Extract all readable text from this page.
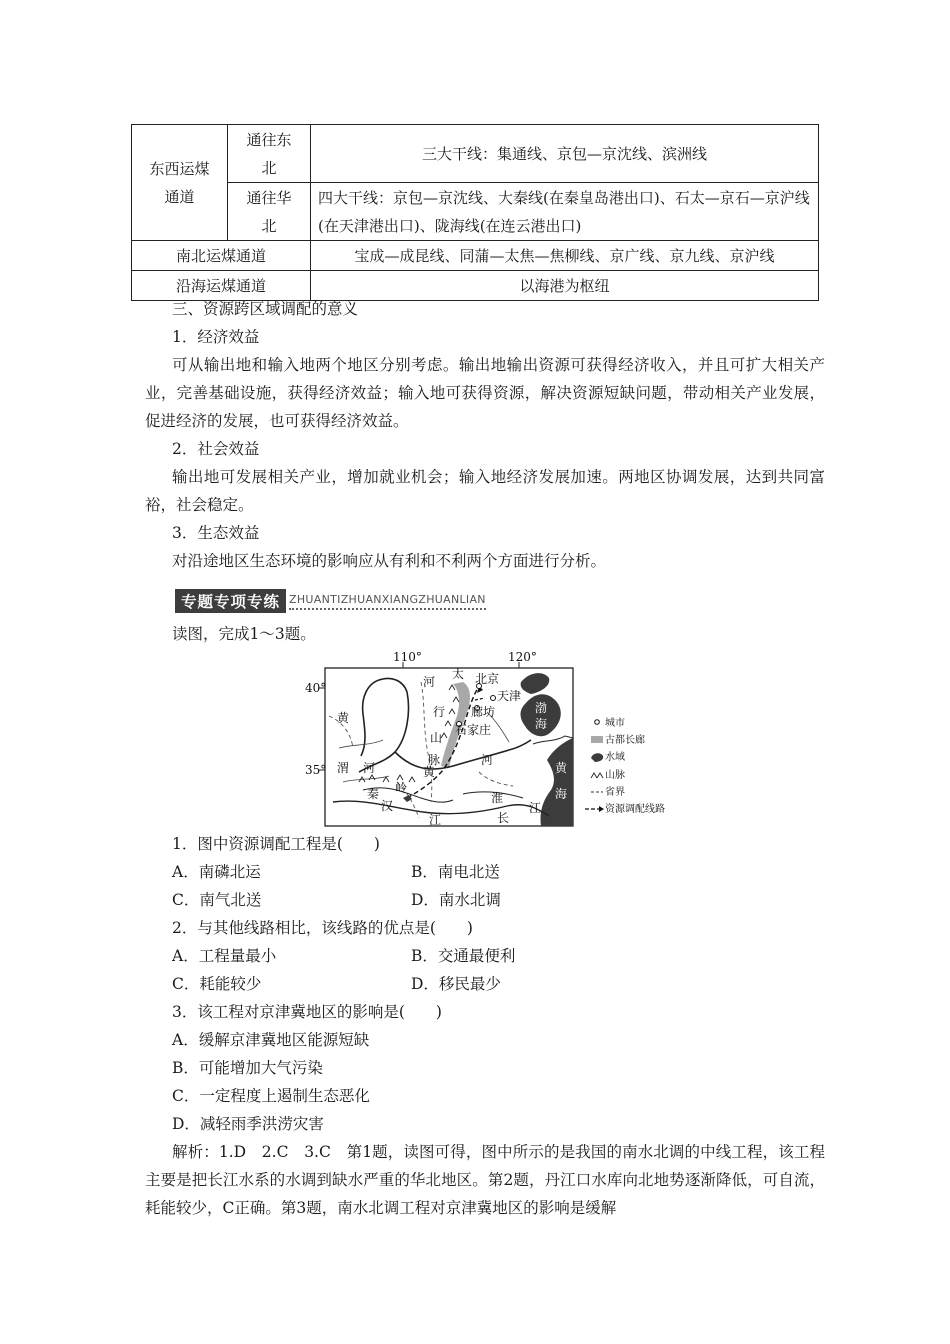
东西运煤通道	通往东北	三大干线：集通线、京包—京沈线、滨洲线
	通往华北	四大干线：京包—京沈线、大秦线(在秦皇岛港出口)、石太—京石—京沪线(在天津港出口)、陇海线(在连云港出口)
南北运煤通道		宝成—成昆线、同蒲—太焦—焦柳线、京广线、京九线、京沪线
沿海运煤通道		以海港为枢纽
三、资源跨区域调配的意义
1．经济效益
可从输出地和输入地两个地区分别考虑。输出地输出资源可获得经济收入，并且可扩大相关产业，完善基础设施，获得经济效益；输入地可获得资源，解决资源短缺问题，带动相关产业发展，促进经济的发展，也可获得经济效益。
2．社会效益
输出地可发展相关产业，增加就业机会；输入地经济发展加速。两地区协调发展，达到共同富裕，社会稳定。
3．生态效益
对沿途地区生态环境的影响应从有利和不利两个方面进行分析。
专题专项专练 ZHUANTIZHUANXIANGZHUANLIAN
读图，完成1～3题。
110°	120°
40°
35°
北京
天津
廊坊
石家庄
太
行
山
脉
河
黄
黄
河
河
渤
海
黄
海
渭
淮
秦 岭
汉
江	长
江
城市
古都长廊
水域
山脉
省界
资源调配线路
1．图中资源调配工程是(　　)
A．南磷北运	B．南电北送
C．南气北送	D．南水北调
2．与其他线路相比，该线路的优点是(　　)
A．工程量最小	B．交通最便利
C．耗能较少	D．移民最少
3．该工程对京津冀地区的影响是(　　)
A．缓解京津冀地区能源短缺
B．可能增加大气污染
C．一定程度上遏制生态恶化
D．减轻雨季洪涝灾害
解析：1.D　2.C　3.C　第1题，读图可得，图中所示的是我国的南水北调的中线工程，该工程主要是把长江水系的水调到缺水严重的华北地区。第2题，丹江口水库向北地势逐渐降低，可自流，耗能较少，C正确。第3题，南水北调工程对京津冀地区的影响是缓解
